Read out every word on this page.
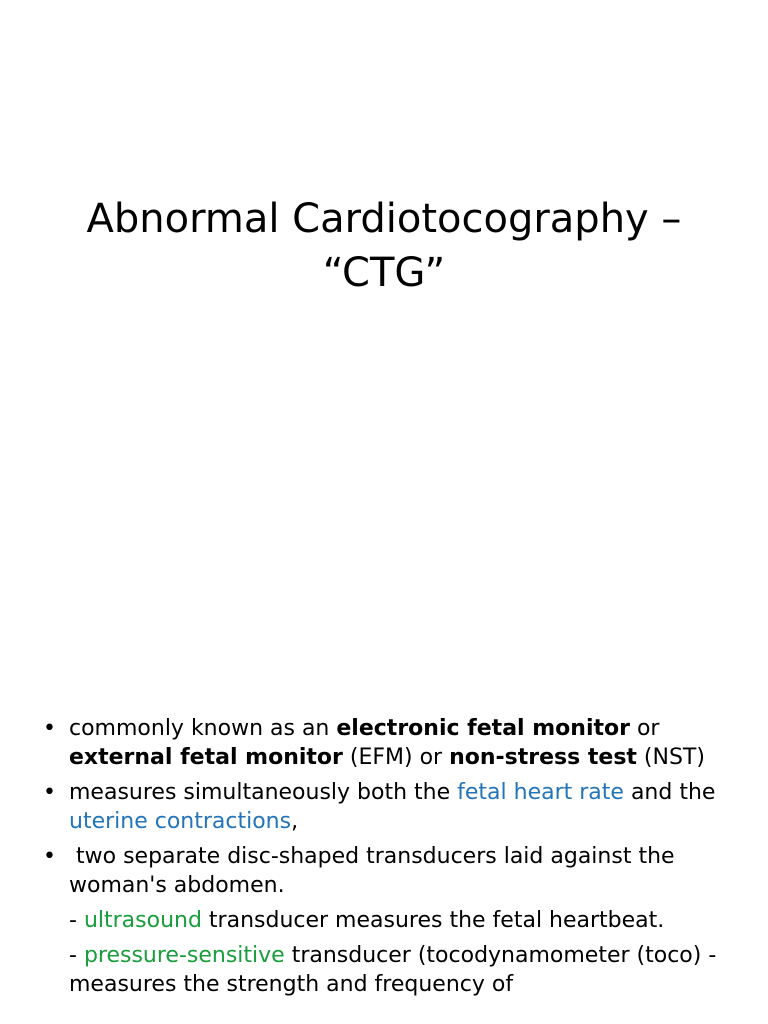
Abnormal Cardiotocography –
“CTG”
• commonly known as an electronic fetal monitor or external fetal monitor (EFM) or non-stress test (NST)
• measures simultaneously both the fetal heart rate and the uterine contractions,
• two separate disc-shaped transducers laid against the woman's abdomen.
- ultrasound transducer measures the fetal heartbeat.
- pressure-sensitive transducer (tocodynamometer (toco) - measures the strength and frequency of
